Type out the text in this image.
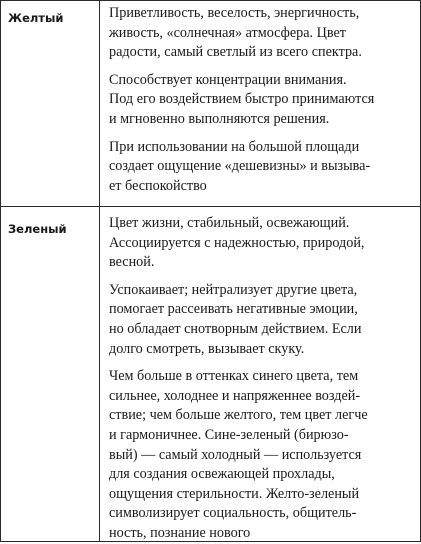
Желтый	Приветливость, веселость, энергичность,
живость, «солнечная» атмосфера. Цвет
радости, самый светлый из всего спектра.

Способствует концентрации внимания.
Под его воздействием быстро принимаются
и мгновенно выполняются решения.

При использовании на большой площади
создает ощущение «дешевизны» и вызыва-
ет беспокойство

Зеленый	Цвет жизни, стабильный, освежающий.
Ассоциируется с надежностью, природой,
весной.

Успокаивает; нейтрализует другие цвета,
помогает рассеивать негативные эмоции,
но обладает снотворным действием. Если
долго смотреть, вызывает скуку.

Чем больше в оттенках синего цвета, тем
сильнее, холоднее и напряженнее воздей-
ствие; чем больше желтого, тем цвет легче
и гармоничнее. Сине-зеленый (бирюзо-
вый) — самый холодный — используется
для создания освежающей прохлады,
ощущения стерильности. Желто-зеленый
символизирует социальность, общитель-
ность, познание нового
